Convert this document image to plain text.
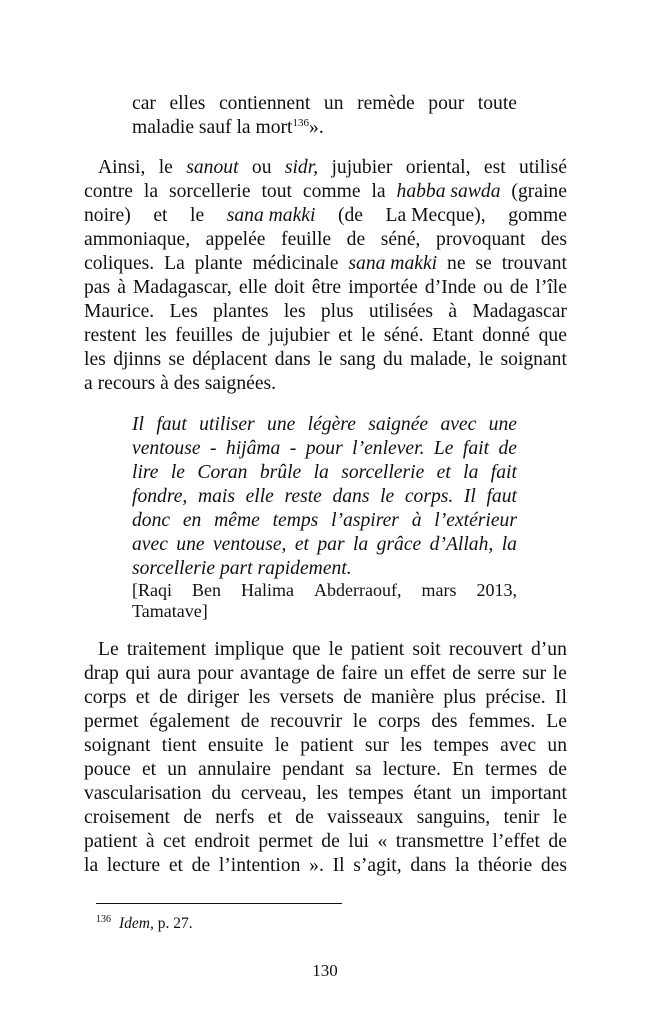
car elles contiennent un remède pour toute
maladie sauf la mort$^{136}$ ».
Ainsi, le sanout ou sidr, jujubier oriental, est utilisé
contre la sorcellerie tout comme la habba sawda (graine
noire) et le sana makki (de La Mecque), gomme
ammoniaque, appelée feuille de séné, provoquant des
coliques. La plante médicinale sana makki ne se trouvant
pas à Madagascar, elle doit être importée d’Inde ou de l’île
Maurice. Les plantes les plus utilisées à Madagascar
restent les feuilles de jujubier et le séné. Etant donné que
les djinns se déplacent dans le sang du malade, le soignant
a recours à des saignées.
Il faut utiliser une légère saignée avec une
ventouse - hijâma - pour l’enlever. Le fait de
lire le Coran brûle la sorcellerie et la fait
fondre, mais elle reste dans le corps. Il faut
donc en même temps l’aspirer à l’extérieur
avec une ventouse, et par la grâce d’Allah, la
sorcellerie part rapidement.
[Raqi Ben Halima Abderraouf, mars 2013,
Tamatave]
Le traitement implique que le patient soit recouvert d’un
drap qui aura pour avantage de faire un effet de serre sur le
corps et de diriger les versets de manière plus précise. Il
permet également de recouvrir le corps des femmes. Le
soignant tient ensuite le patient sur les tempes avec un
pouce et un annulaire pendant sa lecture. En termes de
vascularisation du cerveau, les tempes étant un important
croisement de nerfs et de vaisseaux sanguins, tenir le
patient à cet endroit permet de lui « transmettre l’effet de
la lecture et de l’intention ». Il s’agit, dans la théorie des
$^{136}$ Idem, p. 27.
130
